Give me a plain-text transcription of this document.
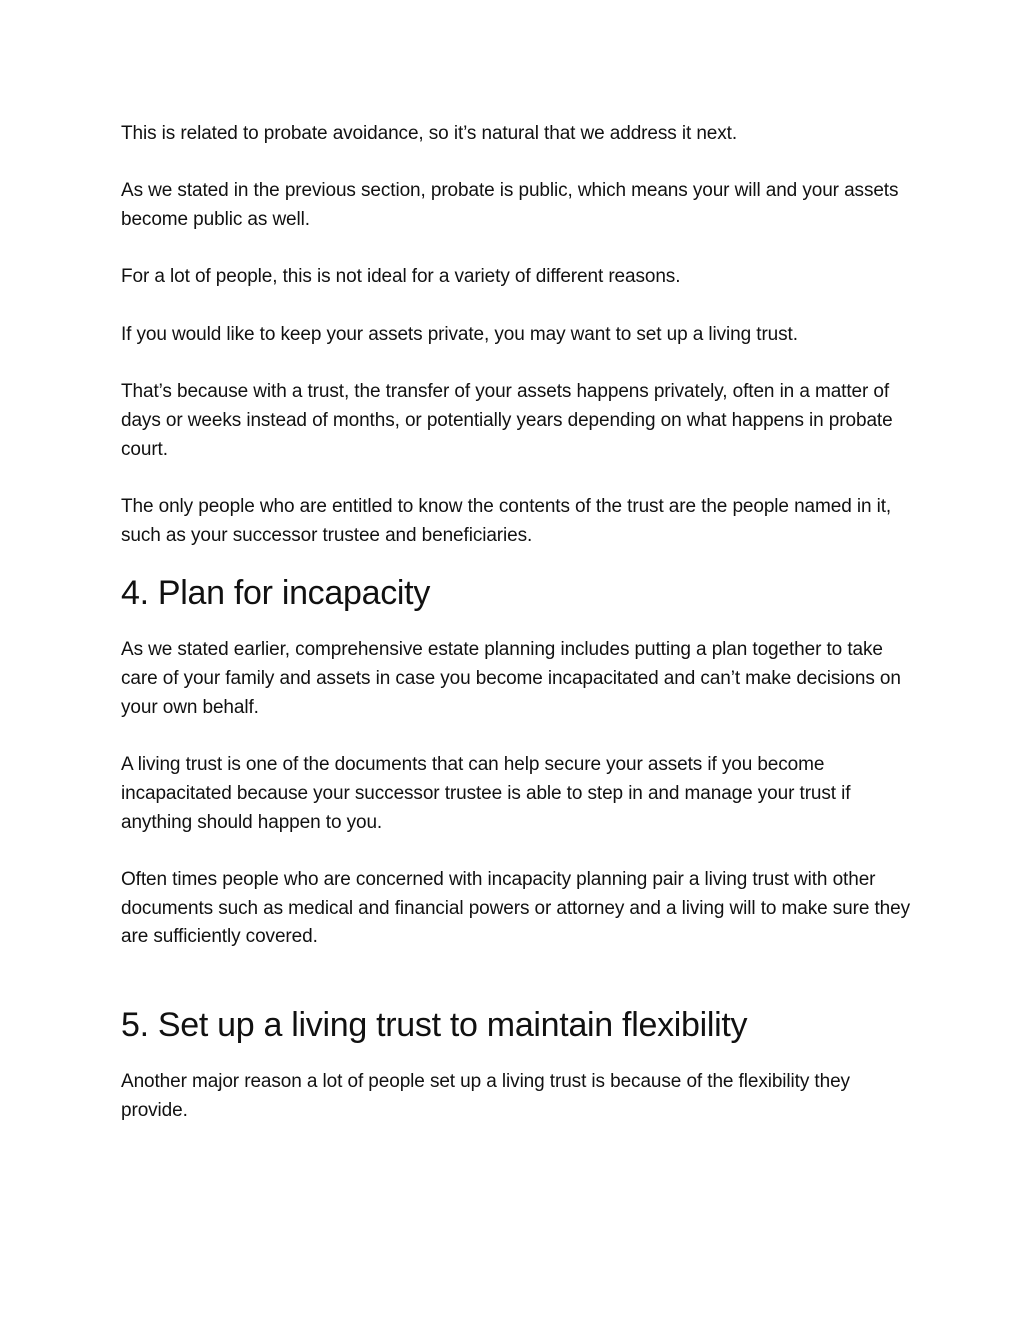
This is related to probate avoidance, so it’s natural that we address it next.

As we stated in the previous section, probate is public, which means your will and your assets become public as well.

For a lot of people, this is not ideal for a variety of different reasons.

If you would like to keep your assets private, you may want to set up a living trust.

That’s because with a trust, the transfer of your assets happens privately, often in a matter of days or weeks instead of months, or potentially years depending on what happens in probate court.

The only people who are entitled to know the contents of the trust are the people named in it, such as your successor trustee and beneficiaries.

4. Plan for incapacity

As we stated earlier, comprehensive estate planning includes putting a plan together to take care of your family and assets in case you become incapacitated and can’t make decisions on your own behalf.

A living trust is one of the documents that can help secure your assets if you become incapacitated because your successor trustee is able to step in and manage your trust if anything should happen to you.

Often times people who are concerned with incapacity planning pair a living trust with other documents such as medical and financial powers or attorney and a living will to make sure they are sufficiently covered.

5. Set up a living trust to maintain flexibility

Another major reason a lot of people set up a living trust is because of the flexibility they provide.
